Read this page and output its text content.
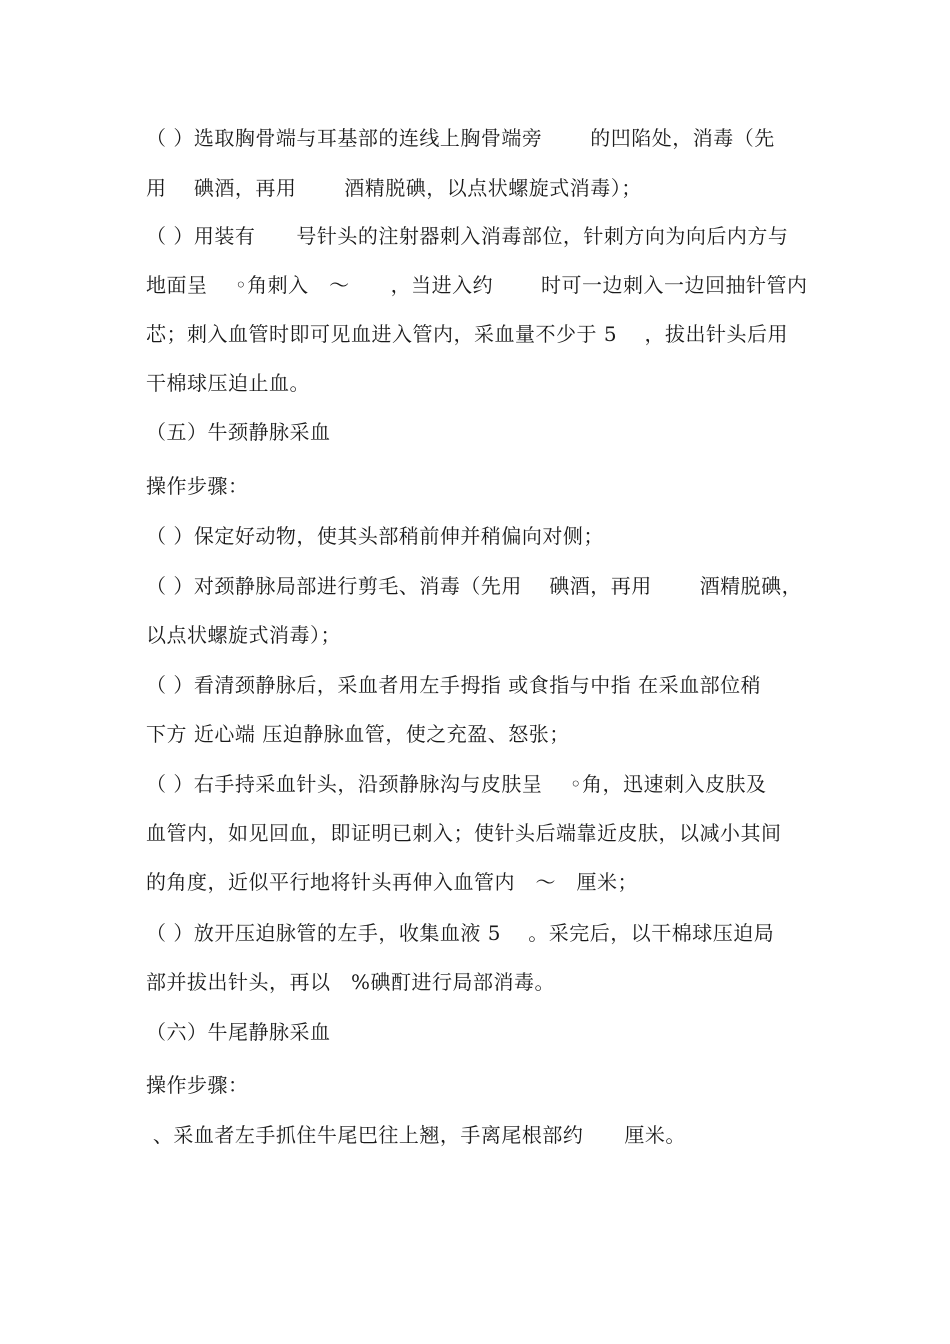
（ ）选取胸骨端与耳基部的连线上胸骨端旁　　 的凹陷处，消毒（先
用　 碘酒，再用　　 酒精脱碘，以点状螺旋式消毒）；
（ ）用装有　　号针头的注射器刺入消毒部位，针刺方向为向后内方与
地面呈　 ◦角刺入　～　　，当进入约　　 时可一边刺入一边回抽针管内
芯；刺入血管时即可见血进入管内，采血量不少于 5　 ，拔出针头后用
干棉球压迫止血。
（五）牛颈静脉采血
操作步骤：
（ ）保定好动物，使其头部稍前伸并稍偏向对侧；
（ ）对颈静脉局部进行剪毛、消毒（先用　 碘酒，再用　　 酒精脱碘，
以点状螺旋式消毒）；
（ ）看清颈静脉后，采血者用左手拇指 或食指与中指 在采血部位稍
下方 近心端 压迫静脉血管，使之充盈、怒张；
（ ）右手持采血针头，沿颈静脉沟与皮肤呈　 ◦角，迅速刺入皮肤及
血管内，如见回血，即证明已刺入；使针头后端靠近皮肤，以减小其间
的角度，近似平行地将针头再伸入血管内　～　厘米；
（ ）放开压迫脉管的左手，收集血液 5　 。采完后，以干棉球压迫局
部并拔出针头，再以　%碘酊进行局部消毒。
（六）牛尾静脉采血
操作步骤：
、采血者左手抓住牛尾巴往上翘，手离尾根部约　　厘米。
